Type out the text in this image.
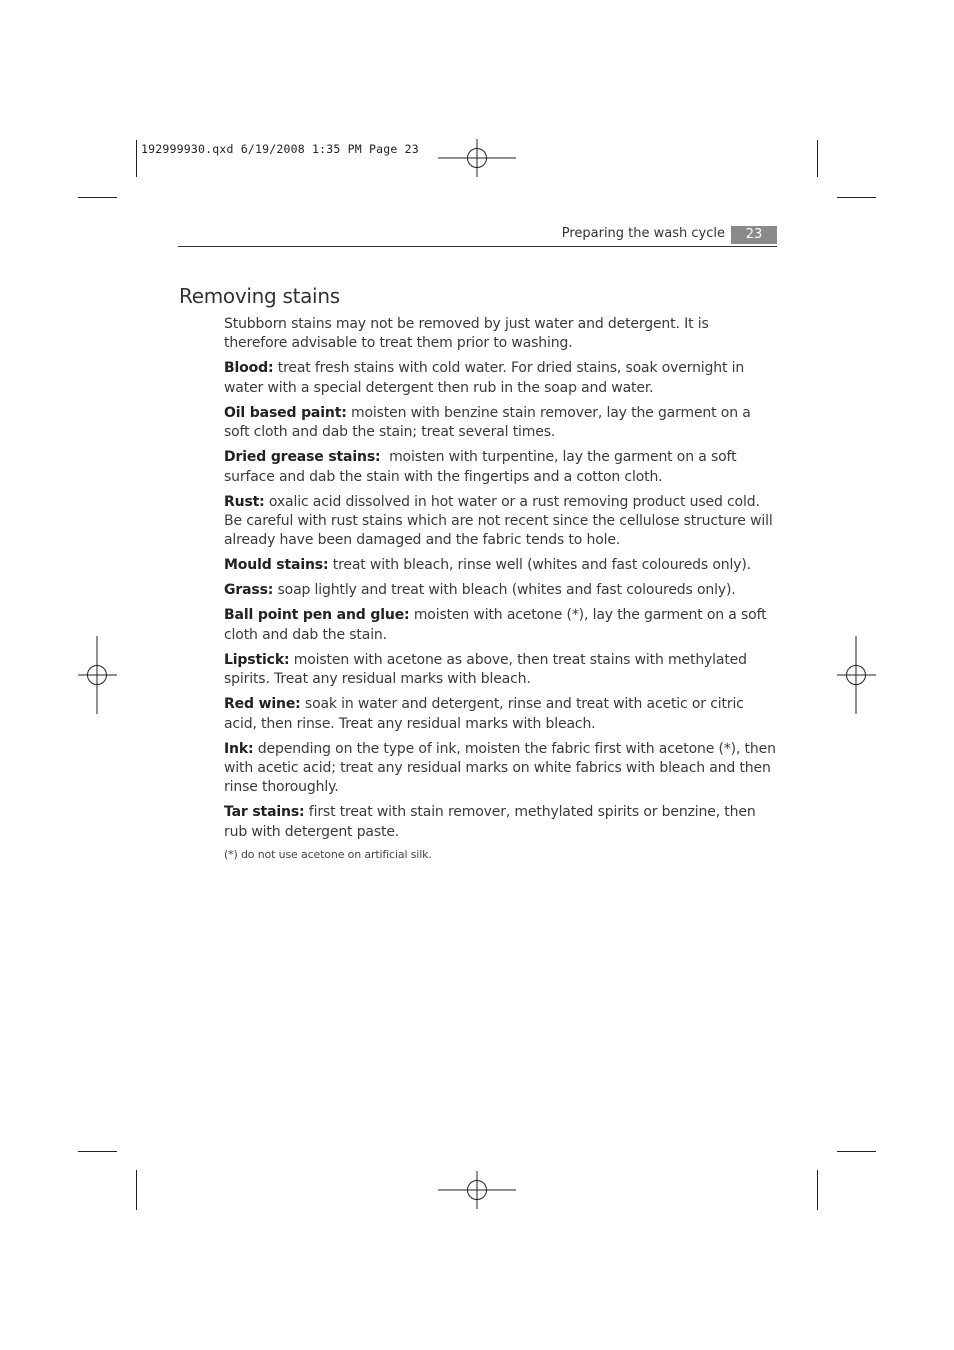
192999930.qxd 6/19/2008 1:35 PM Page 23
Preparing the wash cycle	23
Removing stains

Stubborn stains may not be removed by just water and detergent. It is therefore advisable to treat them prior to washing.

Blood: treat fresh stains with cold water. For dried stains, soak overnight in water with a special detergent then rub in the soap and water.

Oil based paint: moisten with benzine stain remover, lay the garment on a soft cloth and dab the stain; treat several times.

Dried grease stains:  moisten with turpentine, lay the garment on a soft surface and dab the stain with the fingertips and a cotton cloth.

Rust: oxalic acid dissolved in hot water or a rust removing product used cold. Be careful with rust stains which are not recent since the cellulose structure will already have been damaged and the fabric tends to hole.

Mould stains: treat with bleach, rinse well (whites and fast coloureds only).

Grass: soap lightly and treat with bleach (whites and fast coloureds only).

Ball point pen and glue: moisten with acetone (*), lay the garment on a soft cloth and dab the stain.

Lipstick: moisten with acetone as above, then treat stains with methylated spirits. Treat any residual marks with bleach.

Red wine: soak in water and detergent, rinse and treat with acetic or citric acid, then rinse. Treat any residual marks with bleach.

Ink: depending on the type of ink, moisten the fabric first with acetone (*), then with acetic acid; treat any residual marks on white fabrics with bleach and then rinse thoroughly.

Tar stains: first treat with stain remover, methylated spirits or benzine, then rub with detergent paste.

(*) do not use acetone on artificial silk.
